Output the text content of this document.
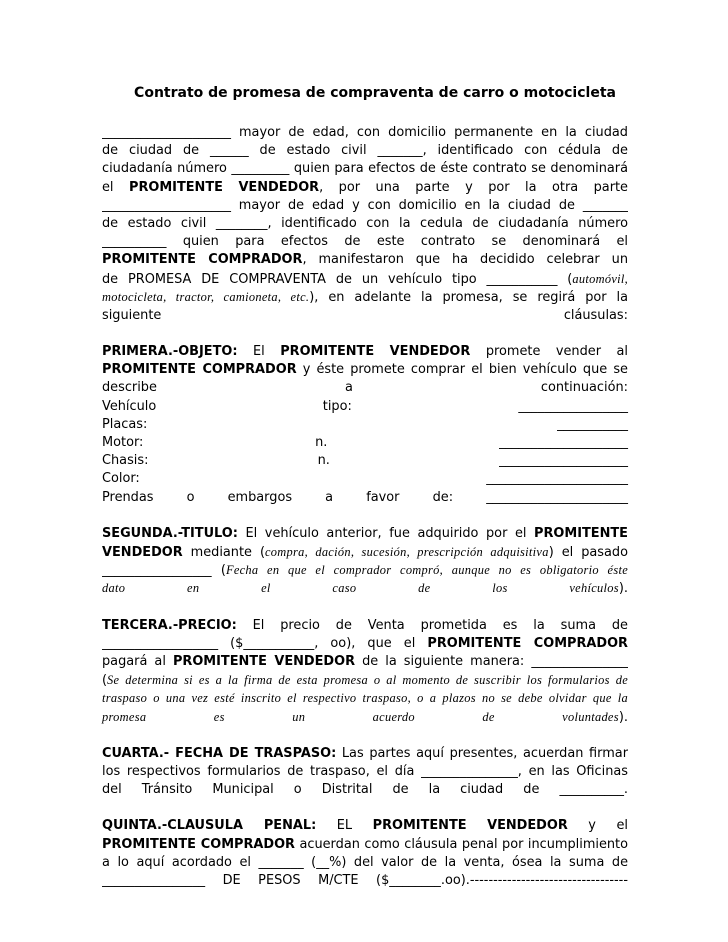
Contrato de promesa de compraventa de carro o motocicleta
____________________ mayor de edad, con domicilio permanente en la ciudad
de ciudad de ______ de estado civil _______, identificado con cédula de
ciudadanía número _________ quien para efectos de éste contrato se denominará
el PROMITENTE VENDEDOR, por una parte y por la otra parte
____________________ mayor de edad y con domicilio en la ciudad de _______
de estado civil ________, identificado con la cedula de ciudadanía número
__________ quien para efectos de este contrato se denominará el
PROMITENTE COMPRADOR, manifestaron que ha decidido celebrar un
de PROMESA DE COMPRAVENTA de un vehículo tipo ___________ (automóvil,
motocicleta, tractor, camioneta, etc.), en adelante la promesa, se regirá por la
siguiente cláusulas:
PRIMERA.-OBJETO: El PROMITENTE VENDEDOR promete vender al
PROMITENTE COMPRADOR y éste promete comprar el bien vehículo que se
describe a continuación:
Vehículo tipo: _________________
Placas: ___________
Motor: n. ____________________
Chasis: n. ____________________
Color: ______________________
Prendas o embargos a favor de: ______________________
SEGUNDA.-TITULO: El vehículo anterior, fue adquirido por el PROMITENTE
VENDEDOR mediante (compra, dación, sucesión, prescripción adquisitiva) el pasado
_________________ (Fecha en que el comprador compró, aunque no es obligatorio éste
dato en el caso de los vehículos).
TERCERA.-PRECIO: El precio de Venta prometida es la suma de
__________________ ($___________, oo), que el PROMITENTE COMPRADOR
pagará al PROMITENTE VENDEDOR de la siguiente manera: _______________
(Se determina si es a la firma de esta promesa o al momento de suscribir los formularios de
traspaso o una vez esté inscrito el respectivo traspaso, o a plazos no se debe olvidar que la
promesa es un acuerdo de voluntades).
CUARTA.- FECHA DE TRASPASO: Las partes aquí presentes, acuerdan firmar
los respectivos formularios de traspaso, el día _______________, en las Oficinas
del Tránsito Municipal o Distrital de la ciudad de __________.
QUINTA.-CLAUSULA PENAL: EL PROMITENTE VENDEDOR y el
PROMITENTE COMPRADOR acuerdan como cláusula penal por incumplimiento
a lo aquí acordado el _______ (__%) del valor de la venta, ósea la suma de
________________ DE PESOS M/CTE ($________.oo).----------------------------------
